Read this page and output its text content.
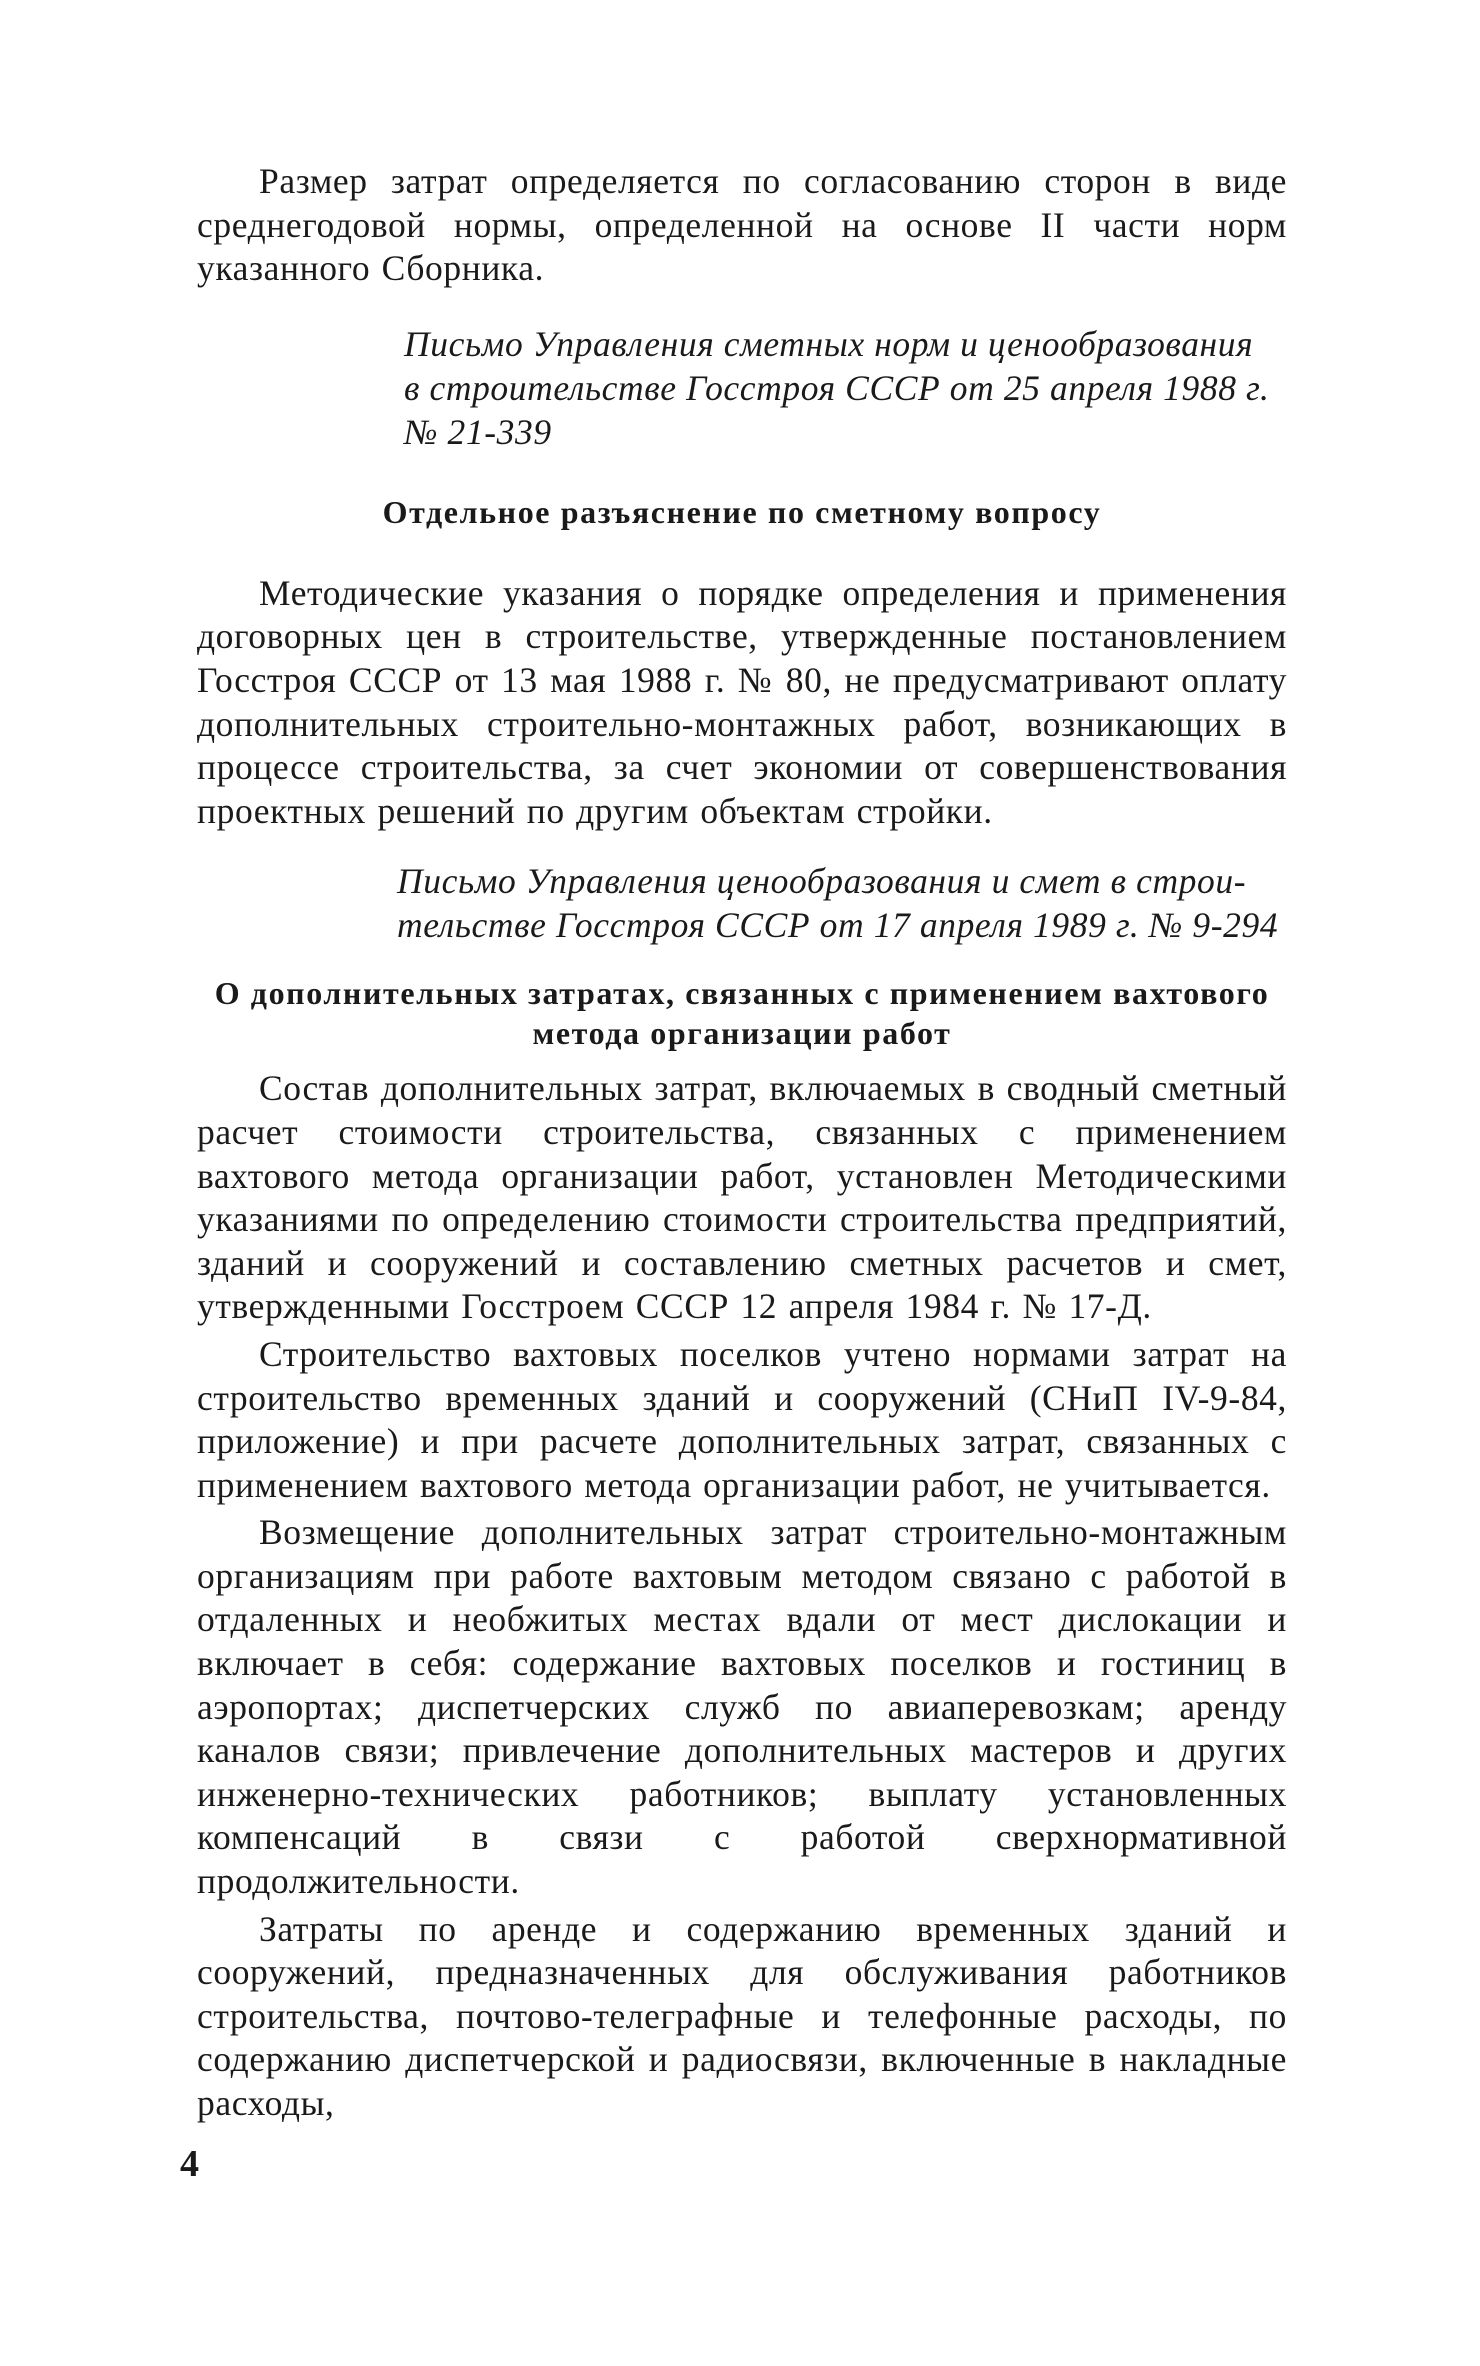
Размер затрат определяется по согласованию сторон в виде среднегодовой нормы, определенной на основе II части норм указанного Сборника.

Письмо Управления сметных норм и ценообразования
в строительстве Госстроя СССР от 25 апреля 1988 г.
№ 21-339

Отдельное разъяснение по сметному вопросу

Методические указания о порядке определения и применения договорных цен в строительстве, утвержденные постановлением Госстроя СССР от 13 мая 1988 г. № 80, не предусматривают оплату дополнительных строительно-монтажных работ, возникающих в процессе строительства, за счет экономии от совершенствования проектных решений по другим объектам стройки.

Письмо Управления ценообразования и смет в строи-
тельстве Госстроя СССР от 17 апреля 1989 г. № 9-294

О дополнительных затратах, связанных с применением вахтового
метода организации работ

Состав дополнительных затрат, включаемых в сводный сметный расчет стоимости строительства, связанных с применением вахтового метода организации работ, установлен Методическими указаниями по определению стоимости строительства предприятий, зданий и сооружений и составлению сметных расчетов и смет, утвержденными Госстроем СССР 12 апреля 1984 г. № 17-Д.

Строительство вахтовых поселков учтено нормами затрат на строительство временных зданий и сооружений (СНиП IV-9-84, приложение) и при расчете дополнительных затрат, связанных с применением вахтового метода организации работ, не учитывается.

Возмещение дополнительных затрат строительно-монтажным организациям при работе вахтовым методом связано с работой в отдаленных и необжитых местах вдали от мест дислокации и включает в себя: содержание вахтовых поселков и гостиниц в аэропортах; диспетчерских служб по авиаперевозкам; аренду каналов связи; привлечение дополнительных мастеров и других инженерно-технических работников; выплату установленных компенсаций в связи с работой сверхнормативной продолжительности.

Затраты по аренде и содержанию временных зданий и сооружений, предназначенных для обслуживания работников строительства, почтово-телеграфные и телефонные расходы, по содержанию диспетчерской и радиосвязи, включенные в накладные расходы,

4
